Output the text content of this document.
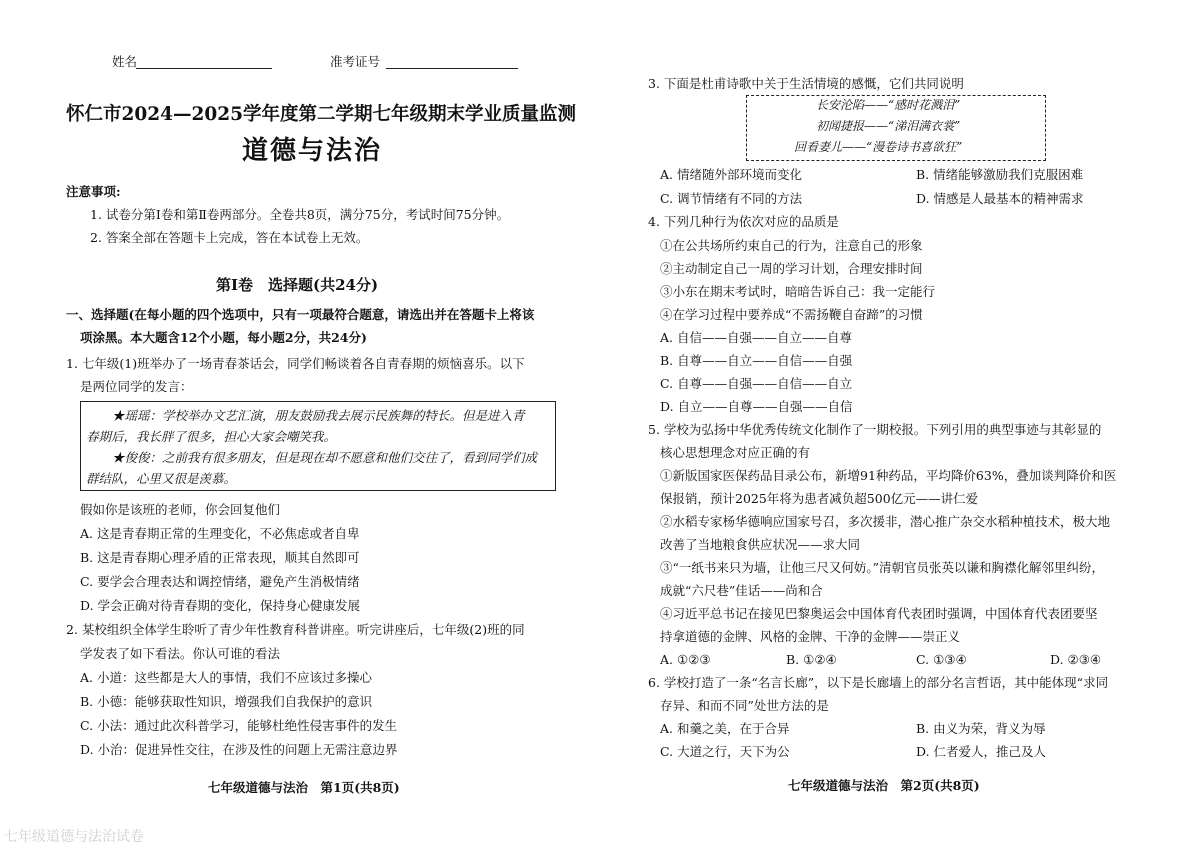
姓名	准考证号
怀仁市2024—2025学年度第二学期七年级期末学业质量监测
道德与法治
注意事项:
1. 试卷分第Ⅰ卷和第Ⅱ卷两部分。全卷共8页，满分75分，考试时间75分钟。
2. 答案全部在答题卡上完成，答在本试卷上无效。
第Ⅰ卷　选择题(共24分)
一、选择题(在每小题的四个选项中，只有一项最符合题意，请选出并在答题卡上将该
项涂黑。本大题含12个小题，每小题2分，共24分)
1. 七年级(1)班举办了一场青春茶话会，同学们畅谈着各自青春期的烦恼喜乐。以下
是两位同学的发言：
★瑶瑶：学校举办文艺汇演，朋友鼓励我去展示民族舞的特长。但是进入青
春期后，我长胖了很多，担心大家会嘲笑我。
★俊俊：之前我有很多朋友，但是现在却不愿意和他们交往了，看到同学们成
群结队，心里又很是羡慕。
假如你是该班的老师，你会回复他们
A. 这是青春期正常的生理变化，不必焦虑或者自卑
B. 这是青春期心理矛盾的正常表现，顺其自然即可
C. 要学会合理表达和调控情绪，避免产生消极情绪
D. 学会正确对待青春期的变化，保持身心健康发展
2. 某校组织全体学生聆听了青少年性教育科普讲座。听完讲座后，七年级(2)班的同
学发表了如下看法。你认可谁的看法
A. 小道：这些都是大人的事情，我们不应该过多操心
B. 小德：能够获取性知识，增强我们自我保护的意识
C. 小法：通过此次科普学习，能够杜绝性侵害事件的发生
D. 小治：促进异性交往，在涉及性的问题上无需注意边界
七年级道德与法治　第1页(共8页)
3. 下面是杜甫诗歌中关于生活情境的感慨，它们共同说明
长安沦陷——“感时花溅泪”
初闻捷报——“涕泪满衣裳”
回看妻儿——“漫卷诗书喜欲狂”
A. 情绪随外部环境而变化	B. 情绪能够激励我们克服困难
C. 调节情绪有不同的方法	D. 情感是人最基本的精神需求
4. 下列几种行为依次对应的品质是
①在公共场所约束自己的行为，注意自己的形象
②主动制定自己一周的学习计划，合理安排时间
③小东在期末考试时，暗暗告诉自己：我一定能行
④在学习过程中要养成“不需扬鞭自奋蹄”的习惯
A. 自信——自强——自立——自尊
B. 自尊——自立——自信——自强
C. 自尊——自强——自信——自立
D. 自立——自尊——自强——自信
5. 学校为弘扬中华优秀传统文化制作了一期校报。下列引用的典型事迹与其彰显的
核心思想理念对应正确的有
①新版国家医保药品目录公布，新增91种药品，平均降价63%，叠加谈判降价和医
保报销，预计2025年将为患者减负超500亿元——讲仁爱
②水稻专家杨华德响应国家号召，多次援非，潜心推广杂交水稻种植技术，极大地
改善了当地粮食供应状况——求大同
③“一纸书来只为墙，让他三尺又何妨。”清朝官员张英以谦和胸襟化解邻里纠纷，
成就“六尺巷”佳话——尚和合
④习近平总书记在接见巴黎奥运会中国体育代表团时强调，中国体育代表团要坚
持拿道德的金牌、风格的金牌、干净的金牌——崇正义
A. ①②③	B. ①②④	C. ①③④	D. ②③④
6. 学校打造了一条“名言长廊”，以下是长廊墙上的部分名言哲语，其中能体现“求同
存异、和而不同”处世方法的是
A. 和羹之美，在于合异	B. 由义为荣，背义为辱
C. 大道之行，天下为公	D. 仁者爱人，推己及人
七年级道德与法治　第2页(共8页)
七年级道德与法治试卷
